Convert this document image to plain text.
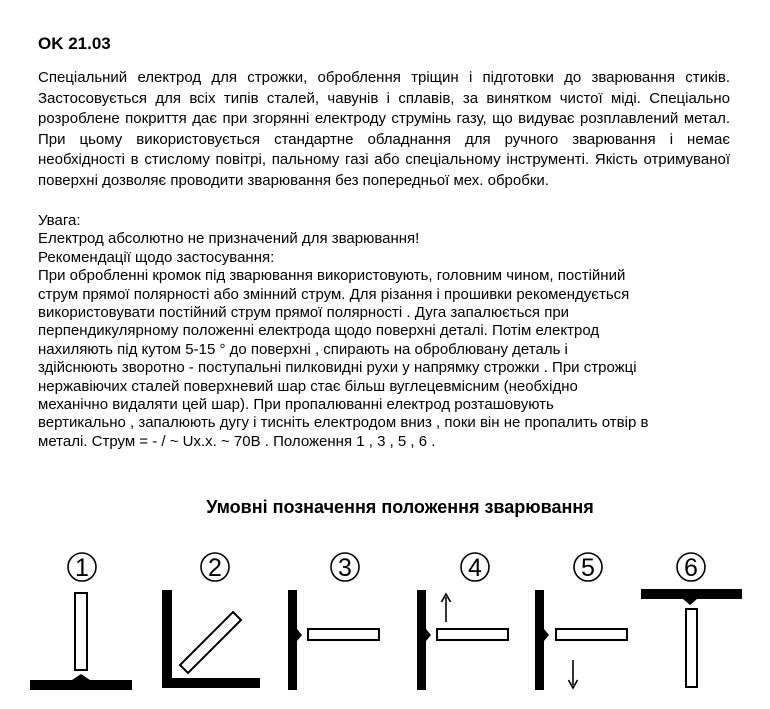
OK 21.03

Спеціальний електрод для строжки, оброблення тріщин і підготовки до зварювання стиків. Застосовується для всіх типів сталей, чавунів і сплавів, за винятком чистої міді. Спеціально розроблене покриття дає при згорянні електроду струмінь газу, що видуває розплавлений метал. При цьому використовується стандартне обладнання для ручного зварювання і немає необхідності в стислому повітрі, пальному газі або спеціальному інструменті. Якість отримуваної поверхні дозволяє проводити зварювання без попередньої мех. обробки.

Увага:
Електрод абсолютно не призначений для зварювання!
Рекомендації щодо застосування:
При обробленні кромок під зварювання використовують, головним чином, постійний
струм прямої полярності або змінний струм. Для різання і прошивки рекомендується
використовувати постійний струм прямої полярності . Дуга запалюється при
перпендикулярному положенні електрода щодо поверхні деталі. Потім електрод
нахиляють під кутом 5-15 ° до поверхні , спирають на оброблювану деталь і
здійснюють зворотно - поступальні пилковидні рухи у напрямку строжки . При строжці
нержавіючих сталей поверхневий шар стає більш вуглецевмісним (необхідно
механічно видаляти цей шар). При пропалюванні електрод розташовують
вертикально , запалюють дугу і тисніть електродом вниз , поки він не пропалить отвір в
металі. Струм = - / ~ Ux.x. ~ 70В . Положення 1 , 3 , 5 , 6 .
Умовні позначення положення зварювання
1	2	3	4	5	6
